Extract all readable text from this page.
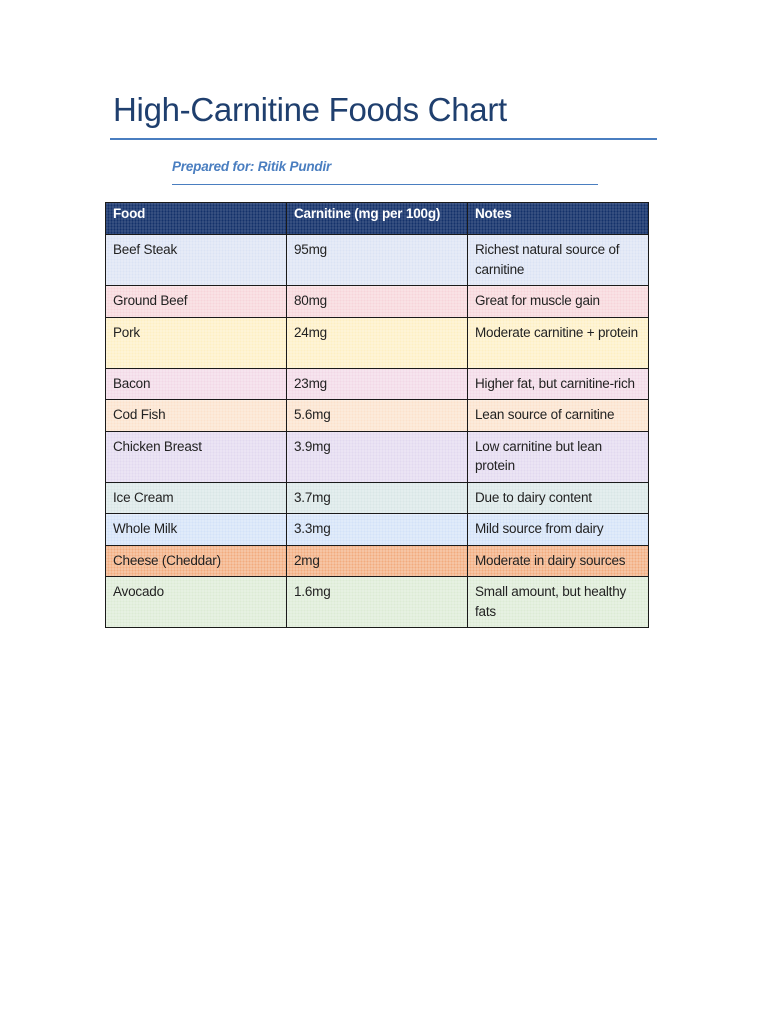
High-Carnitine Foods Chart
Prepared for: Ritik Pundir
Food	Carnitine (mg per 100g)	Notes
Beef Steak	95mg	Richest natural source of carnitine
Ground Beef	80mg	Great for muscle gain
Pork	24mg	Moderate carnitine + protein
Bacon	23mg	Higher fat, but carnitine-rich
Cod Fish	5.6mg	Lean source of carnitine
Chicken Breast	3.9mg	Low carnitine but lean protein
Ice Cream	3.7mg	Due to dairy content
Whole Milk	3.3mg	Mild source from dairy
Cheese (Cheddar)	2mg	Moderate in dairy sources
Avocado	1.6mg	Small amount, but healthy fats
